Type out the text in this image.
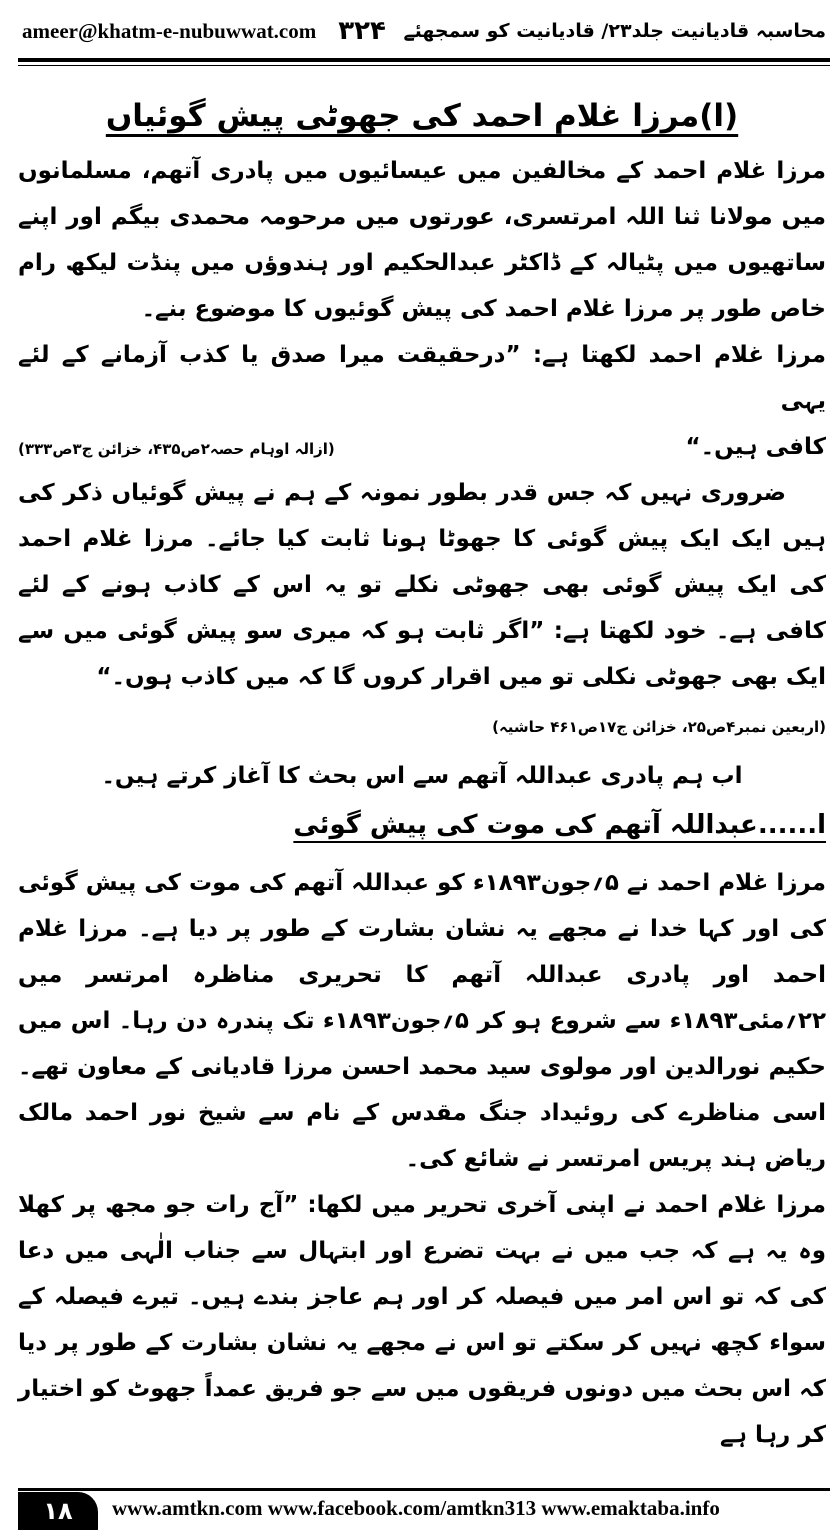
ameer@khatm-e-nubuwwat.com ۳۲۴ محاسبہ قادیانیت جلد۲۳/ قادیانیت کو سمجھئے
(ا)مرزا غلام احمد کی جھوٹی پیش گوئیاں

مرزا غلام احمد کے مخالفین میں عیسائیوں میں پادری آتھم، مسلمانوں میں مولانا ثنا اللہ امرتسری، عورتوں میں مرحومہ محمدی بیگم اور اپنے ساتھیوں میں پٹیالہ کے ڈاکٹر عبدالحکیم اور ہندوؤں میں پنڈت لیکھ رام خاص طور پر مرزا غلام احمد کی پیش گوئیوں کا موضوع بنے۔

مرزا غلام احمد لکھتا ہے: ”درحقیقت میرا صدق یا کذب آزمانے کے لئے یہی

کافی ہیں۔“
(ازالہ اوہام حصہ۲ص۴۳۵، خزائن ج۳ص۳۳۳)

ضروری نہیں کہ جس قدر بطور نمونہ کے ہم نے پیش گوئیاں ذکر کی ہیں ایک ایک پیش گوئی کا جھوٹا ہونا ثابت کیا جائے۔ مرزا غلام احمد کی ایک پیش گوئی بھی جھوٹی نکلے تو یہ اس کے کاذب ہونے کے لئے کافی ہے۔ خود لکھتا ہے: ”اگر ثابت ہو کہ میری سو پیش گوئی میں سے ایک بھی جھوٹی نکلی تو میں اقرار کروں گا کہ میں کاذب ہوں۔“

(اربعین نمبر۴ص۲۵، خزائن ج۱۷ص۴۶۱ حاشیہ)

اب ہم پادری عبداللہ آتھم سے اس بحث کا آغاز کرتے ہیں۔

ا......عبداللہ آتھم کی موت کی پیش گوئی

مرزا غلام احمد نے ۵؍جون۱۸۹۳ء کو عبداللہ آتھم کی موت کی پیش گوئی کی اور کہا خدا نے مجھے یہ نشان بشارت کے طور پر دیا ہے۔ مرزا غلام احمد اور پادری عبداللہ آتھم کا تحریری مناظرہ امرتسر میں ۲۲؍مئی۱۸۹۳ء سے شروع ہو کر ۵؍جون۱۸۹۳ء تک پندرہ دن رہا۔ اس میں حکیم نورالدین اور مولوی سید محمد احسن مرزا قادیانی کے معاون تھے۔ اسی مناظرے کی روئیداد جنگ مقدس کے نام سے شیخ نور احمد مالک ریاض ہند پریس امرتسر نے شائع کی۔

مرزا غلام احمد نے اپنی آخری تحریر میں لکھا: ”آج رات جو مجھ پر کھلا وہ یہ ہے کہ جب میں نے بہت تضرع اور ابتہال سے جناب الٰہی میں دعا کی کہ تو اس امر میں فیصلہ کر اور ہم عاجز بندے ہیں۔ تیرے فیصلہ کے سواء کچھ نہیں کر سکتے تو اس نے مجھے یہ نشان بشارت کے طور پر دیا کہ اس بحث میں دونوں فریقوں میں سے جو فریق عمداً جھوٹ کو اختیار کر رہا ہے

۱۸	www.amtkn.com www.facebook.com/amtkn313 www.emaktaba.info
